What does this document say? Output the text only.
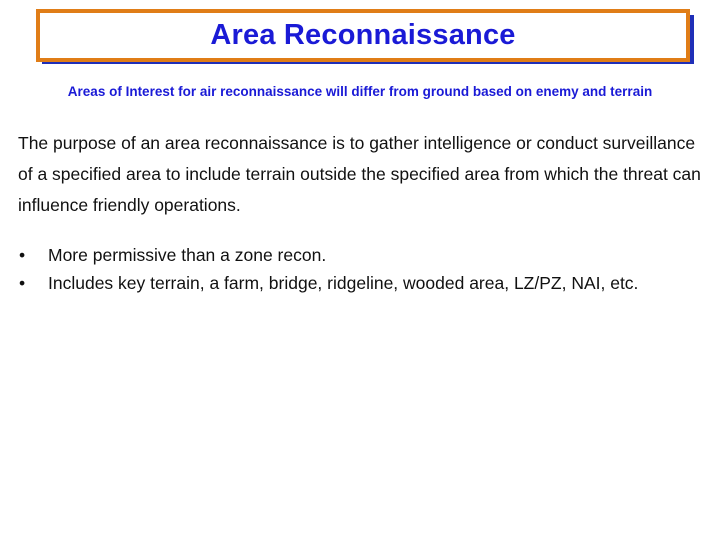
Area Reconnaissance
Areas of Interest for air reconnaissance will differ from ground based on enemy and terrain
The purpose of an area reconnaissance is to gather intelligence or conduct surveillance of a specified area to include terrain outside the specified area from which the threat can influence friendly operations.
•	More permissive than a zone recon.
•	Includes key terrain, a farm, bridge, ridgeline, wooded area, LZ/PZ, NAI, etc.
